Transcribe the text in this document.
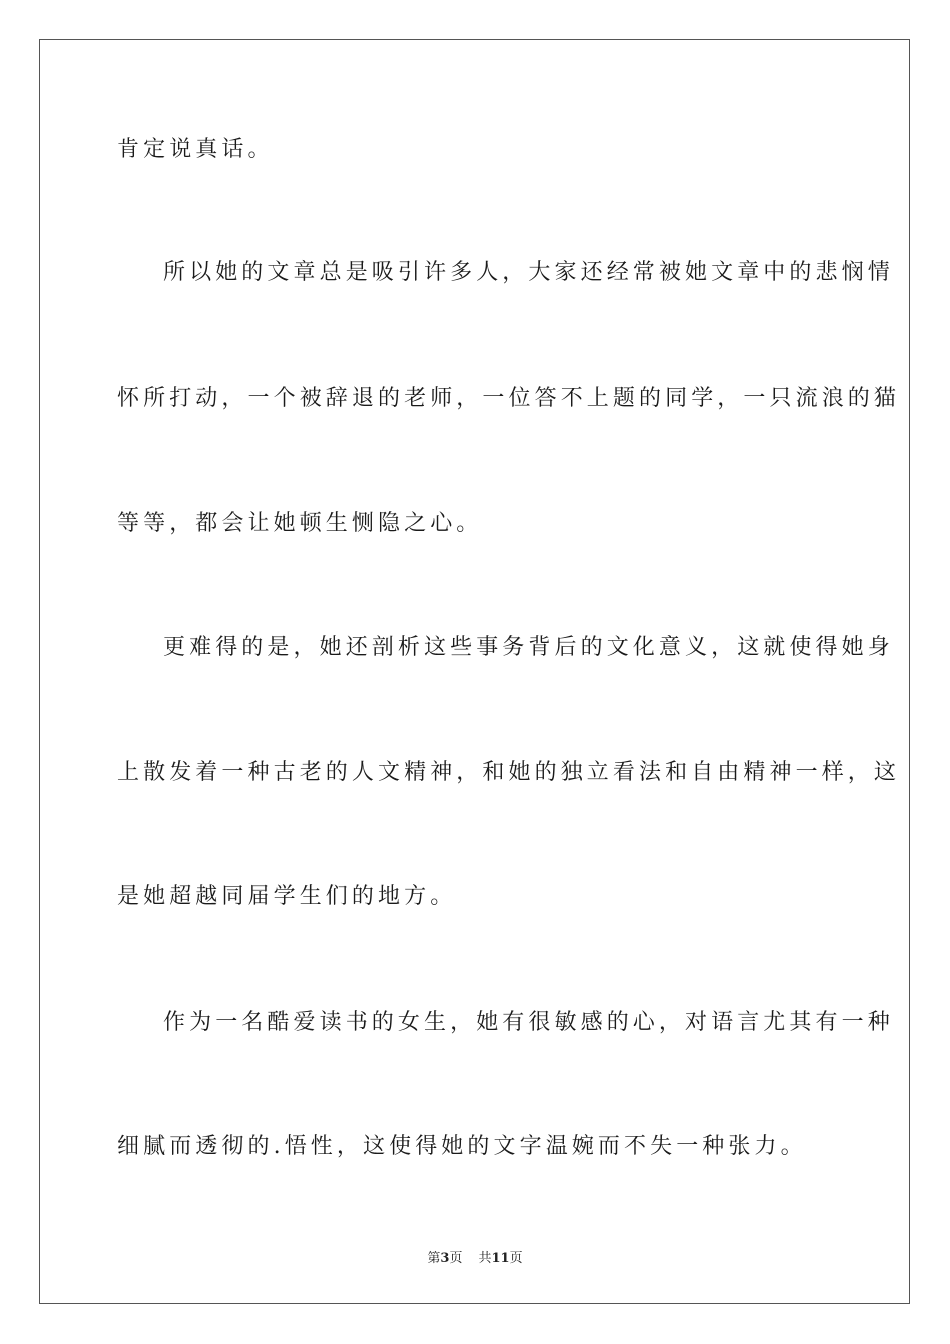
肯定说真话。
所以她的文章总是吸引许多人，大家还经常被她文章中的悲悯情
怀所打动，一个被辞退的老师，一位答不上题的同学，一只流浪的猫
等等，都会让她顿生恻隐之心。
更难得的是，她还剖析这些事务背后的文化意义，这就使得她身
上散发着一种古老的人文精神，和她的独立看法和自由精神一样，这
是她超越同届学生们的地方。
作为一名酷爱读书的女生，她有很敏感的心，对语言尤其有一种
细腻而透彻的.悟性，这使得她的文字温婉而不失一种张力。
第3页 共11页
